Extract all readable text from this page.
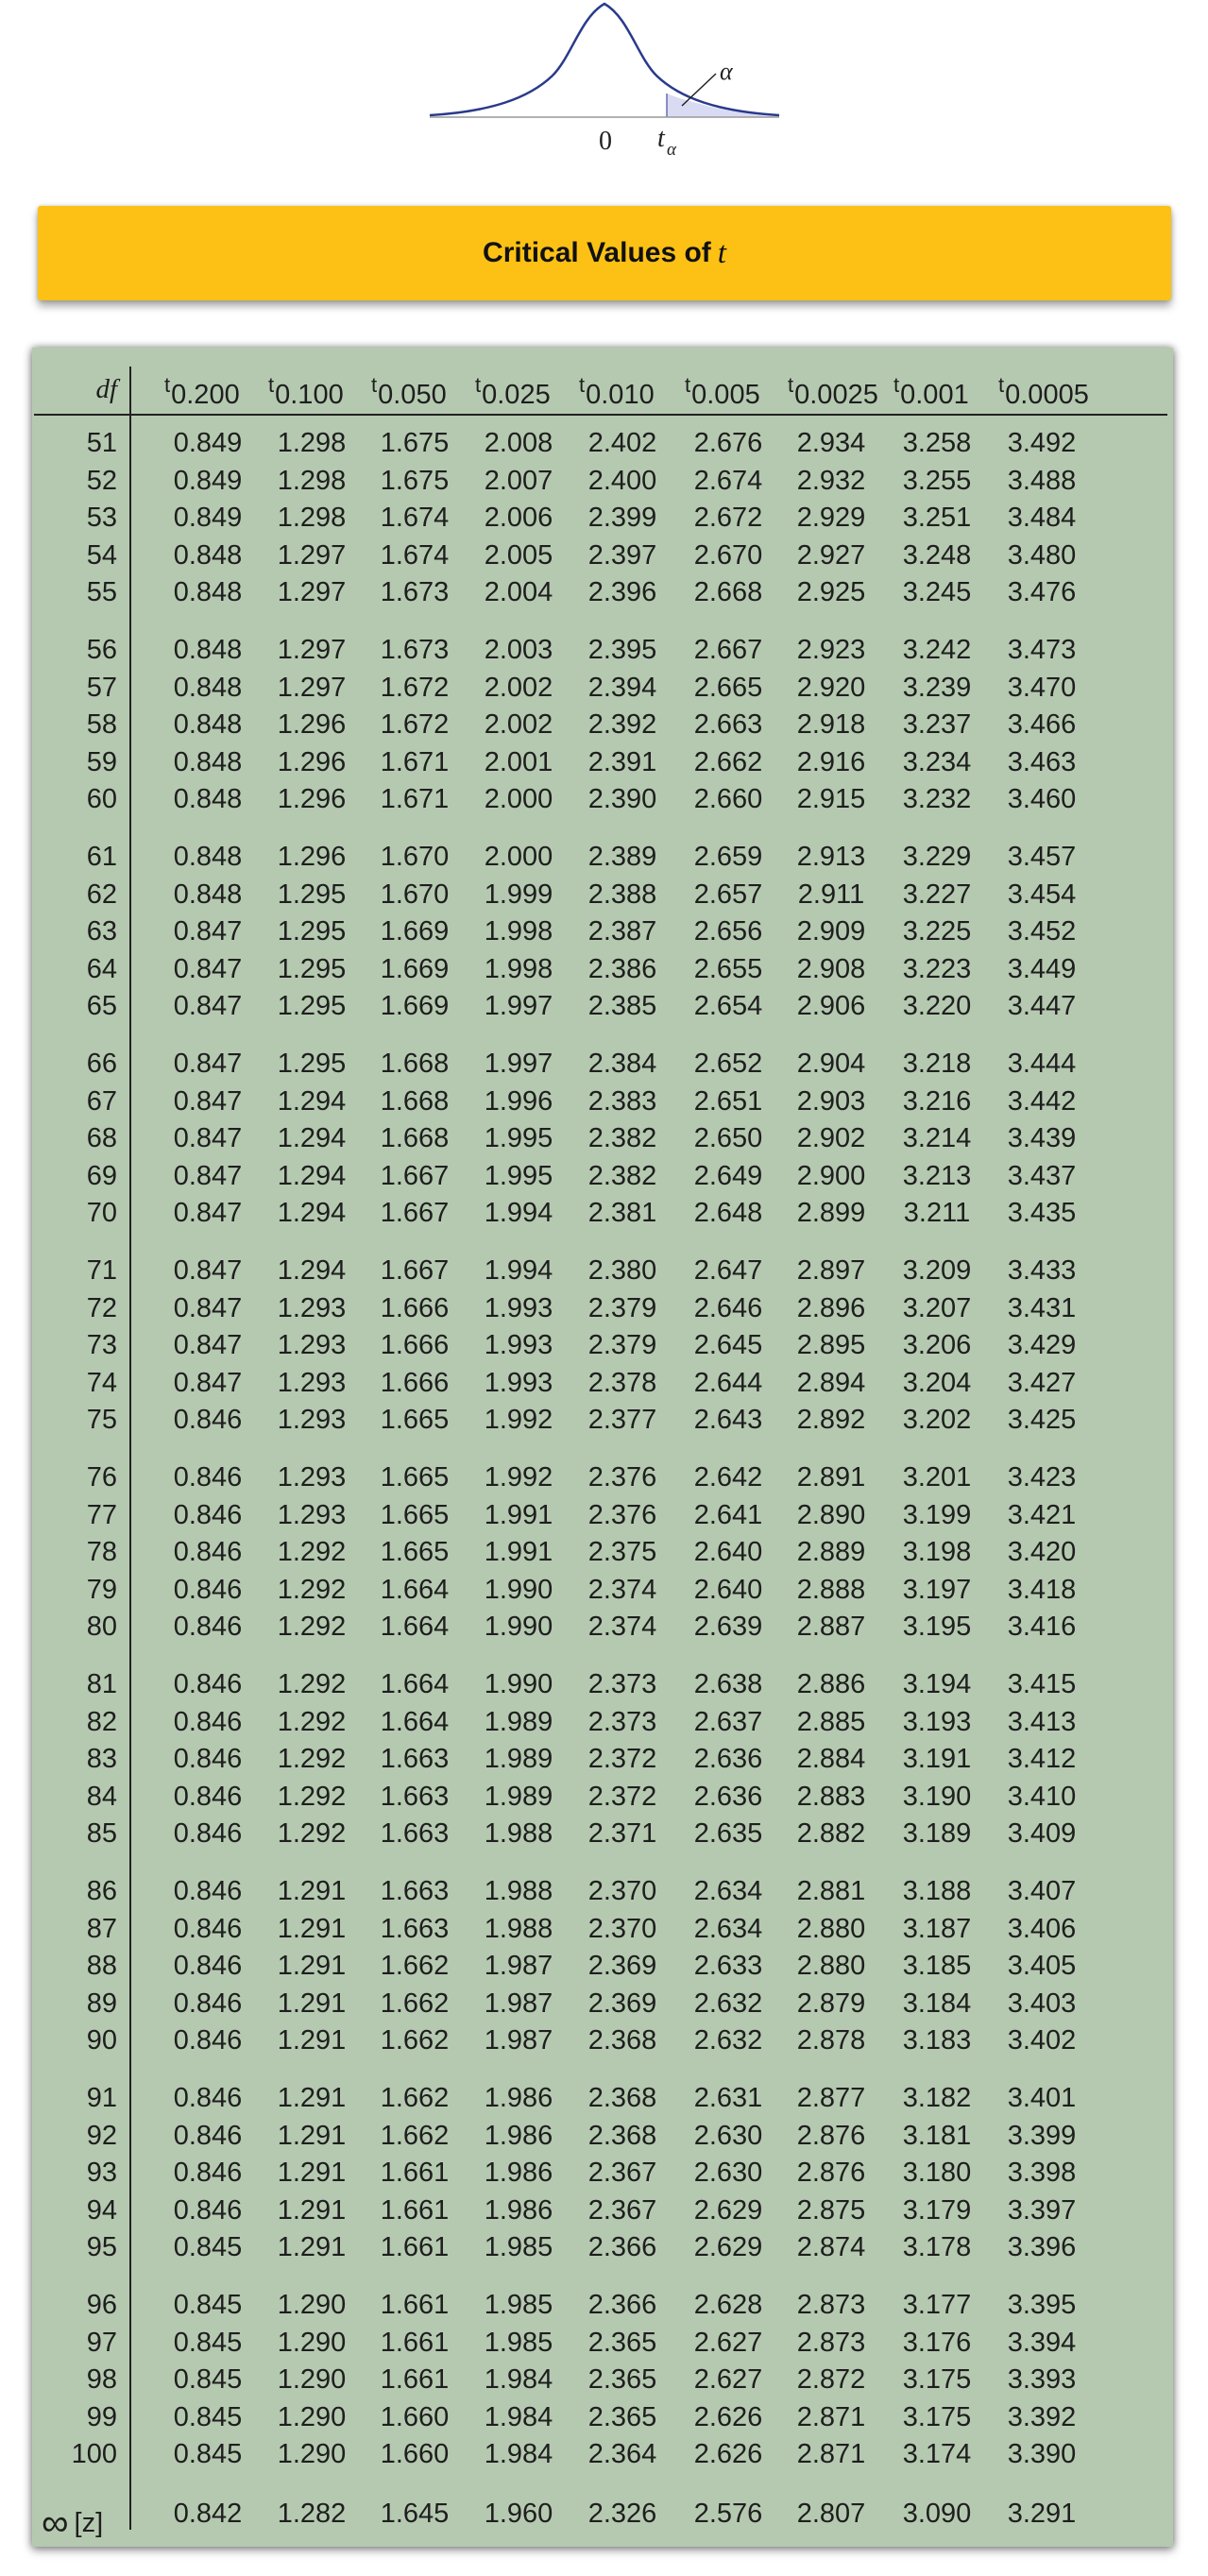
α
0 t α
Critical Values of t
df $^t$0.200 $^t$0.100 $^t$0.050 $^t$0.025 $^t$0.010 $^t$0.005 $^t$0.0025 $^t$0.001 $^t$0.0005
51	0.849	1.298	1.675	2.008	2.402	2.676	2.934	3.258	3.492
52	0.849	1.298	1.675	2.007	2.400	2.674	2.932	3.255	3.488
53	0.849	1.298	1.674	2.006	2.399	2.672	2.929	3.251	3.484
54	0.848	1.297	1.674	2.005	2.397	2.670	2.927	3.248	3.480
55	0.848	1.297	1.673	2.004	2.396	2.668	2.925	3.245	3.476
56	0.848	1.297	1.673	2.003	2.395	2.667	2.923	3.242	3.473
57	0.848	1.297	1.672	2.002	2.394	2.665	2.920	3.239	3.470
58	0.848	1.296	1.672	2.002	2.392	2.663	2.918	3.237	3.466
59	0.848	1.296	1.671	2.001	2.391	2.662	2.916	3.234	3.463
60	0.848	1.296	1.671	2.000	2.390	2.660	2.915	3.232	3.460
61	0.848	1.296	1.670	2.000	2.389	2.659	2.913	3.229	3.457
62	0.848	1.295	1.670	1.999	2.388	2.657	2.911	3.227	3.454
63	0.847	1.295	1.669	1.998	2.387	2.656	2.909	3.225	3.452
64	0.847	1.295	1.669	1.998	2.386	2.655	2.908	3.223	3.449
65	0.847	1.295	1.669	1.997	2.385	2.654	2.906	3.220	3.447
66	0.847	1.295	1.668	1.997	2.384	2.652	2.904	3.218	3.444
67	0.847	1.294	1.668	1.996	2.383	2.651	2.903	3.216	3.442
68	0.847	1.294	1.668	1.995	2.382	2.650	2.902	3.214	3.439
69	0.847	1.294	1.667	1.995	2.382	2.649	2.900	3.213	3.437
70	0.847	1.294	1.667	1.994	2.381	2.648	2.899	3.211	3.435
71	0.847	1.294	1.667	1.994	2.380	2.647	2.897	3.209	3.433
72	0.847	1.293	1.666	1.993	2.379	2.646	2.896	3.207	3.431
73	0.847	1.293	1.666	1.993	2.379	2.645	2.895	3.206	3.429
74	0.847	1.293	1.666	1.993	2.378	2.644	2.894	3.204	3.427
75	0.846	1.293	1.665	1.992	2.377	2.643	2.892	3.202	3.425
76	0.846	1.293	1.665	1.992	2.376	2.642	2.891	3.201	3.423
77	0.846	1.293	1.665	1.991	2.376	2.641	2.890	3.199	3.421
78	0.846	1.292	1.665	1.991	2.375	2.640	2.889	3.198	3.420
79	0.846	1.292	1.664	1.990	2.374	2.640	2.888	3.197	3.418
80	0.846	1.292	1.664	1.990	2.374	2.639	2.887	3.195	3.416
81	0.846	1.292	1.664	1.990	2.373	2.638	2.886	3.194	3.415
82	0.846	1.292	1.664	1.989	2.373	2.637	2.885	3.193	3.413
83	0.846	1.292	1.663	1.989	2.372	2.636	2.884	3.191	3.412
84	0.846	1.292	1.663	1.989	2.372	2.636	2.883	3.190	3.410
85	0.846	1.292	1.663	1.988	2.371	2.635	2.882	3.189	3.409
86	0.846	1.291	1.663	1.988	2.370	2.634	2.881	3.188	3.407
87	0.846	1.291	1.663	1.988	2.370	2.634	2.880	3.187	3.406
88	0.846	1.291	1.662	1.987	2.369	2.633	2.880	3.185	3.405
89	0.846	1.291	1.662	1.987	2.369	2.632	2.879	3.184	3.403
90	0.846	1.291	1.662	1.987	2.368	2.632	2.878	3.183	3.402
91	0.846	1.291	1.662	1.986	2.368	2.631	2.877	3.182	3.401
92	0.846	1.291	1.662	1.986	2.368	2.630	2.876	3.181	3.399
93	0.846	1.291	1.661	1.986	2.367	2.630	2.876	3.180	3.398
94	0.846	1.291	1.661	1.986	2.367	2.629	2.875	3.179	3.397
95	0.845	1.291	1.661	1.985	2.366	2.629	2.874	3.178	3.396
96	0.845	1.290	1.661	1.985	2.366	2.628	2.873	3.177	3.395
97	0.845	1.290	1.661	1.985	2.365	2.627	2.873	3.176	3.394
98	0.845	1.290	1.661	1.984	2.365	2.627	2.872	3.175	3.393
99	0.845	1.290	1.660	1.984	2.365	2.626	2.871	3.175	3.392
100	0.845	1.290	1.660	1.984	2.364	2.626	2.871	3.174	3.390
∞ [z]	0.842	1.282	1.645	1.960	2.326	2.576	2.807	3.090	3.291
